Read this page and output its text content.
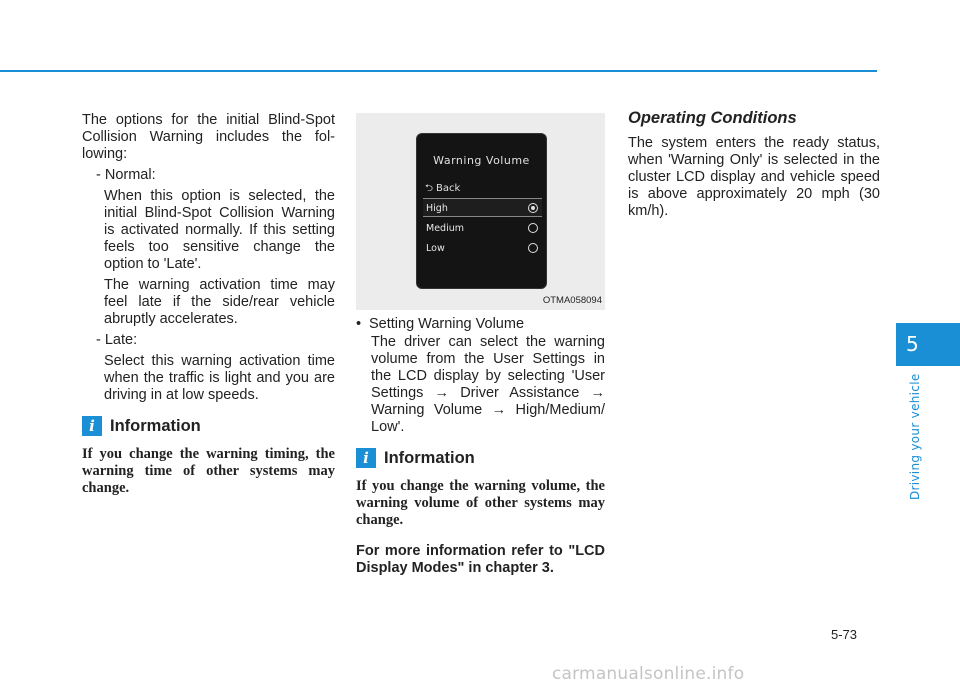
The options for the initial Blind-Spot Collision Warning includes the fol-lowing:

- Normal:

When this option is selected, the initial Blind-Spot Collision Warning is activated normally. If this setting feels too sensitive change the option to 'Late'.

The warning activation time may feel late if the side/rear vehicle abruptly accelerates.

- Late:

Select this warning activation time when the traffic is light and you are driving in at low speeds.

i Information

If you change the warning timing, the warning time of other systems may change.

Warning Volume
⮌ Back
High
Medium
Low
OTMA058094
• Setting Warning Volume

The driver can select the warning volume from the User Settings in the LCD display by selecting 'User Settings → Driver Assistance → Warning Volume → High/Medium/ Low'.

i Information

If you change the warning volume, the warning volume of other systems may change.

For more information refer to "LCD Display Modes" in chapter 3.

Operating Conditions

The system enters the ready status, when 'Warning Only' is selected in the cluster LCD display and vehicle speed is above approximately 20 mph (30 km/h).

5
Driving your vehicle
5-73
carmanualsonline.info
